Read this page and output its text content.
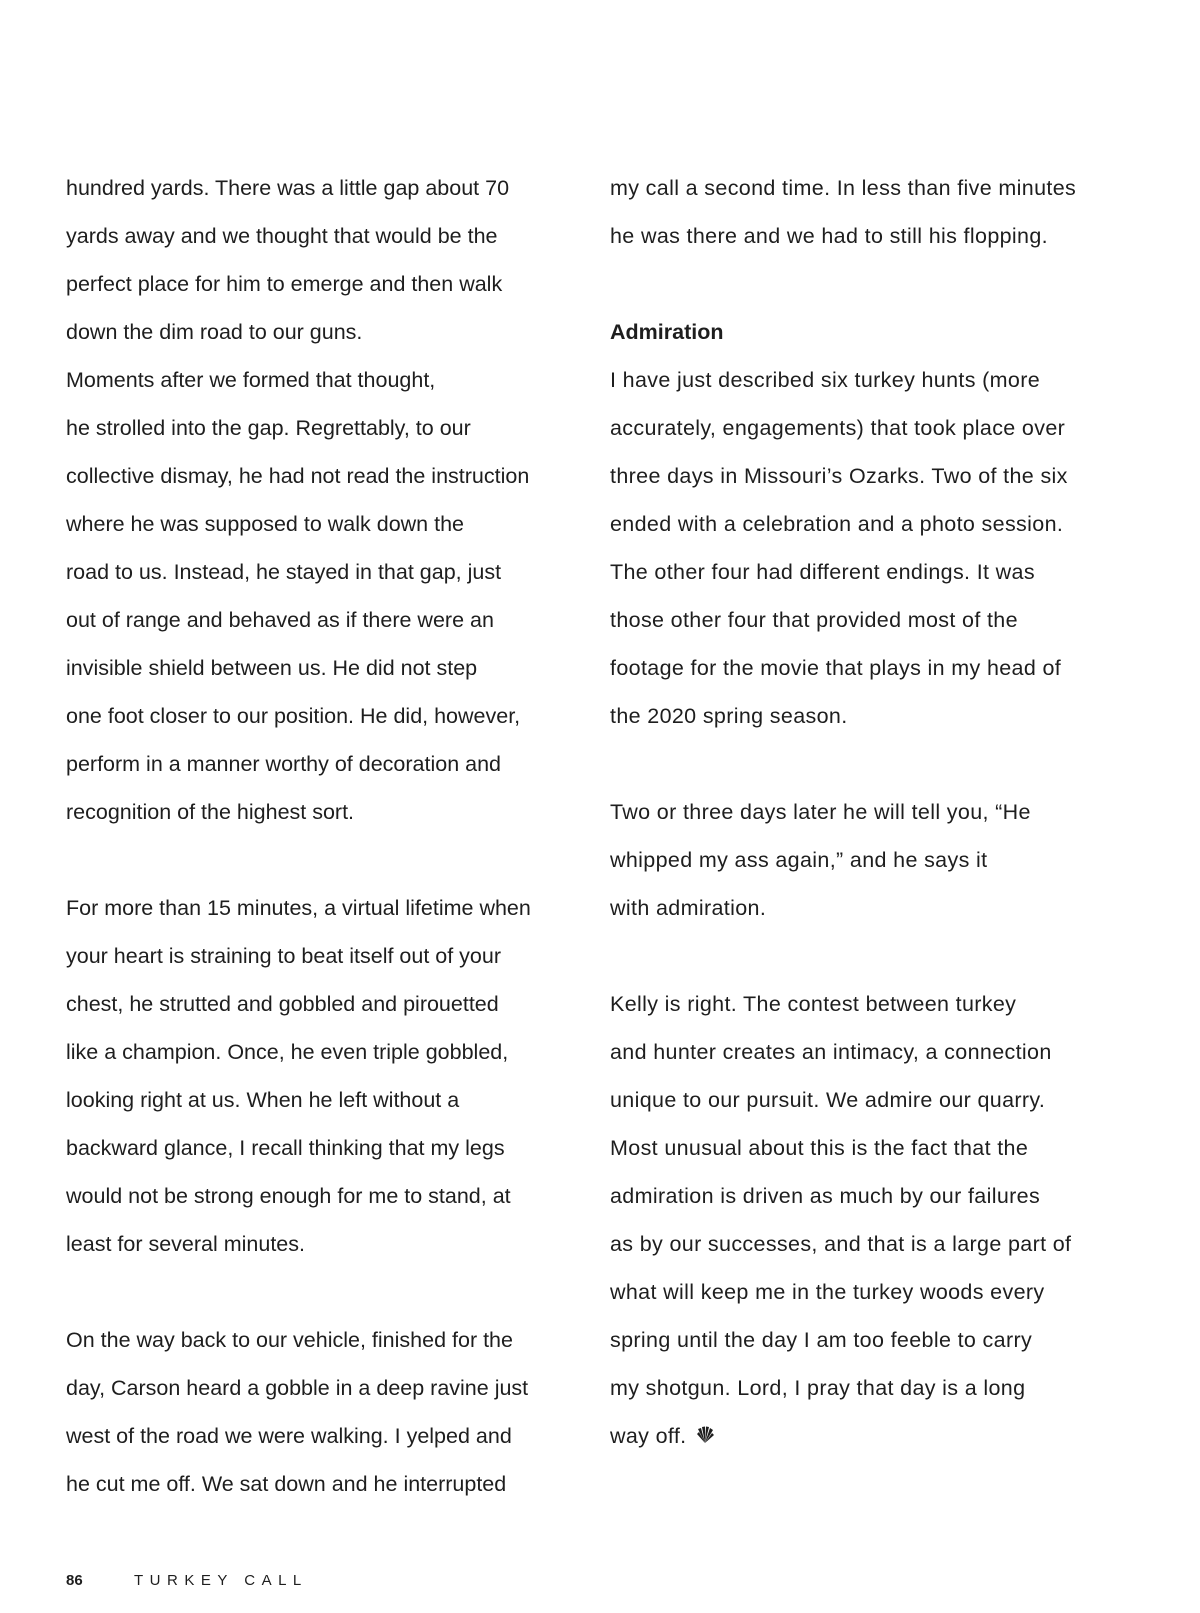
hundred yards. There was a little gap about 70
yards away and we thought that would be the
perfect place for him to emerge and then walk
down the dim road to our guns.
Moments after we formed that thought,
he strolled into the gap. Regrettably, to our
collective dismay, he had not read the instruction
where he was supposed to walk down the
road to us. Instead, he stayed in that gap, just
out of range and behaved as if there were an
invisible shield between us. He did not step
one foot closer to our position. He did, however,
perform in a manner worthy of decoration and
recognition of the highest sort.
For more than 15 minutes, a virtual lifetime when
your heart is straining to beat itself out of your
chest, he strutted and gobbled and pirouetted
like a champion. Once, he even triple gobbled,
looking right at us. When he left without a
backward glance, I recall thinking that my legs
would not be strong enough for me to stand, at
least for several minutes.
On the way back to our vehicle, finished for the
day, Carson heard a gobble in a deep ravine just
west of the road we were walking. I yelped and
he cut me off. We sat down and he interrupted
my call a second time. In less than five minutes
he was there and we had to still his flopping.
Admiration
I have just described six turkey hunts (more
accurately, engagements) that took place over
three days in Missouri’s Ozarks. Two of the six
ended with a celebration and a photo session.
The other four had different endings. It was
those other four that provided most of the
footage for the movie that plays in my head of
the 2020 spring season.
Two or three days later he will tell you, “He
whipped my ass again,” and he says it
with admiration.
Kelly is right. The contest between turkey
and hunter creates an intimacy, a connection
unique to our pursuit. We admire our quarry.
Most unusual about this is the fact that the
admiration is driven as much by our failures
as by our successes, and that is a large part of
what will keep me in the turkey woods every
spring until the day I am too feeble to carry
my shotgun. Lord, I pray that day is a long
way off.
86	TURKEY CALL
